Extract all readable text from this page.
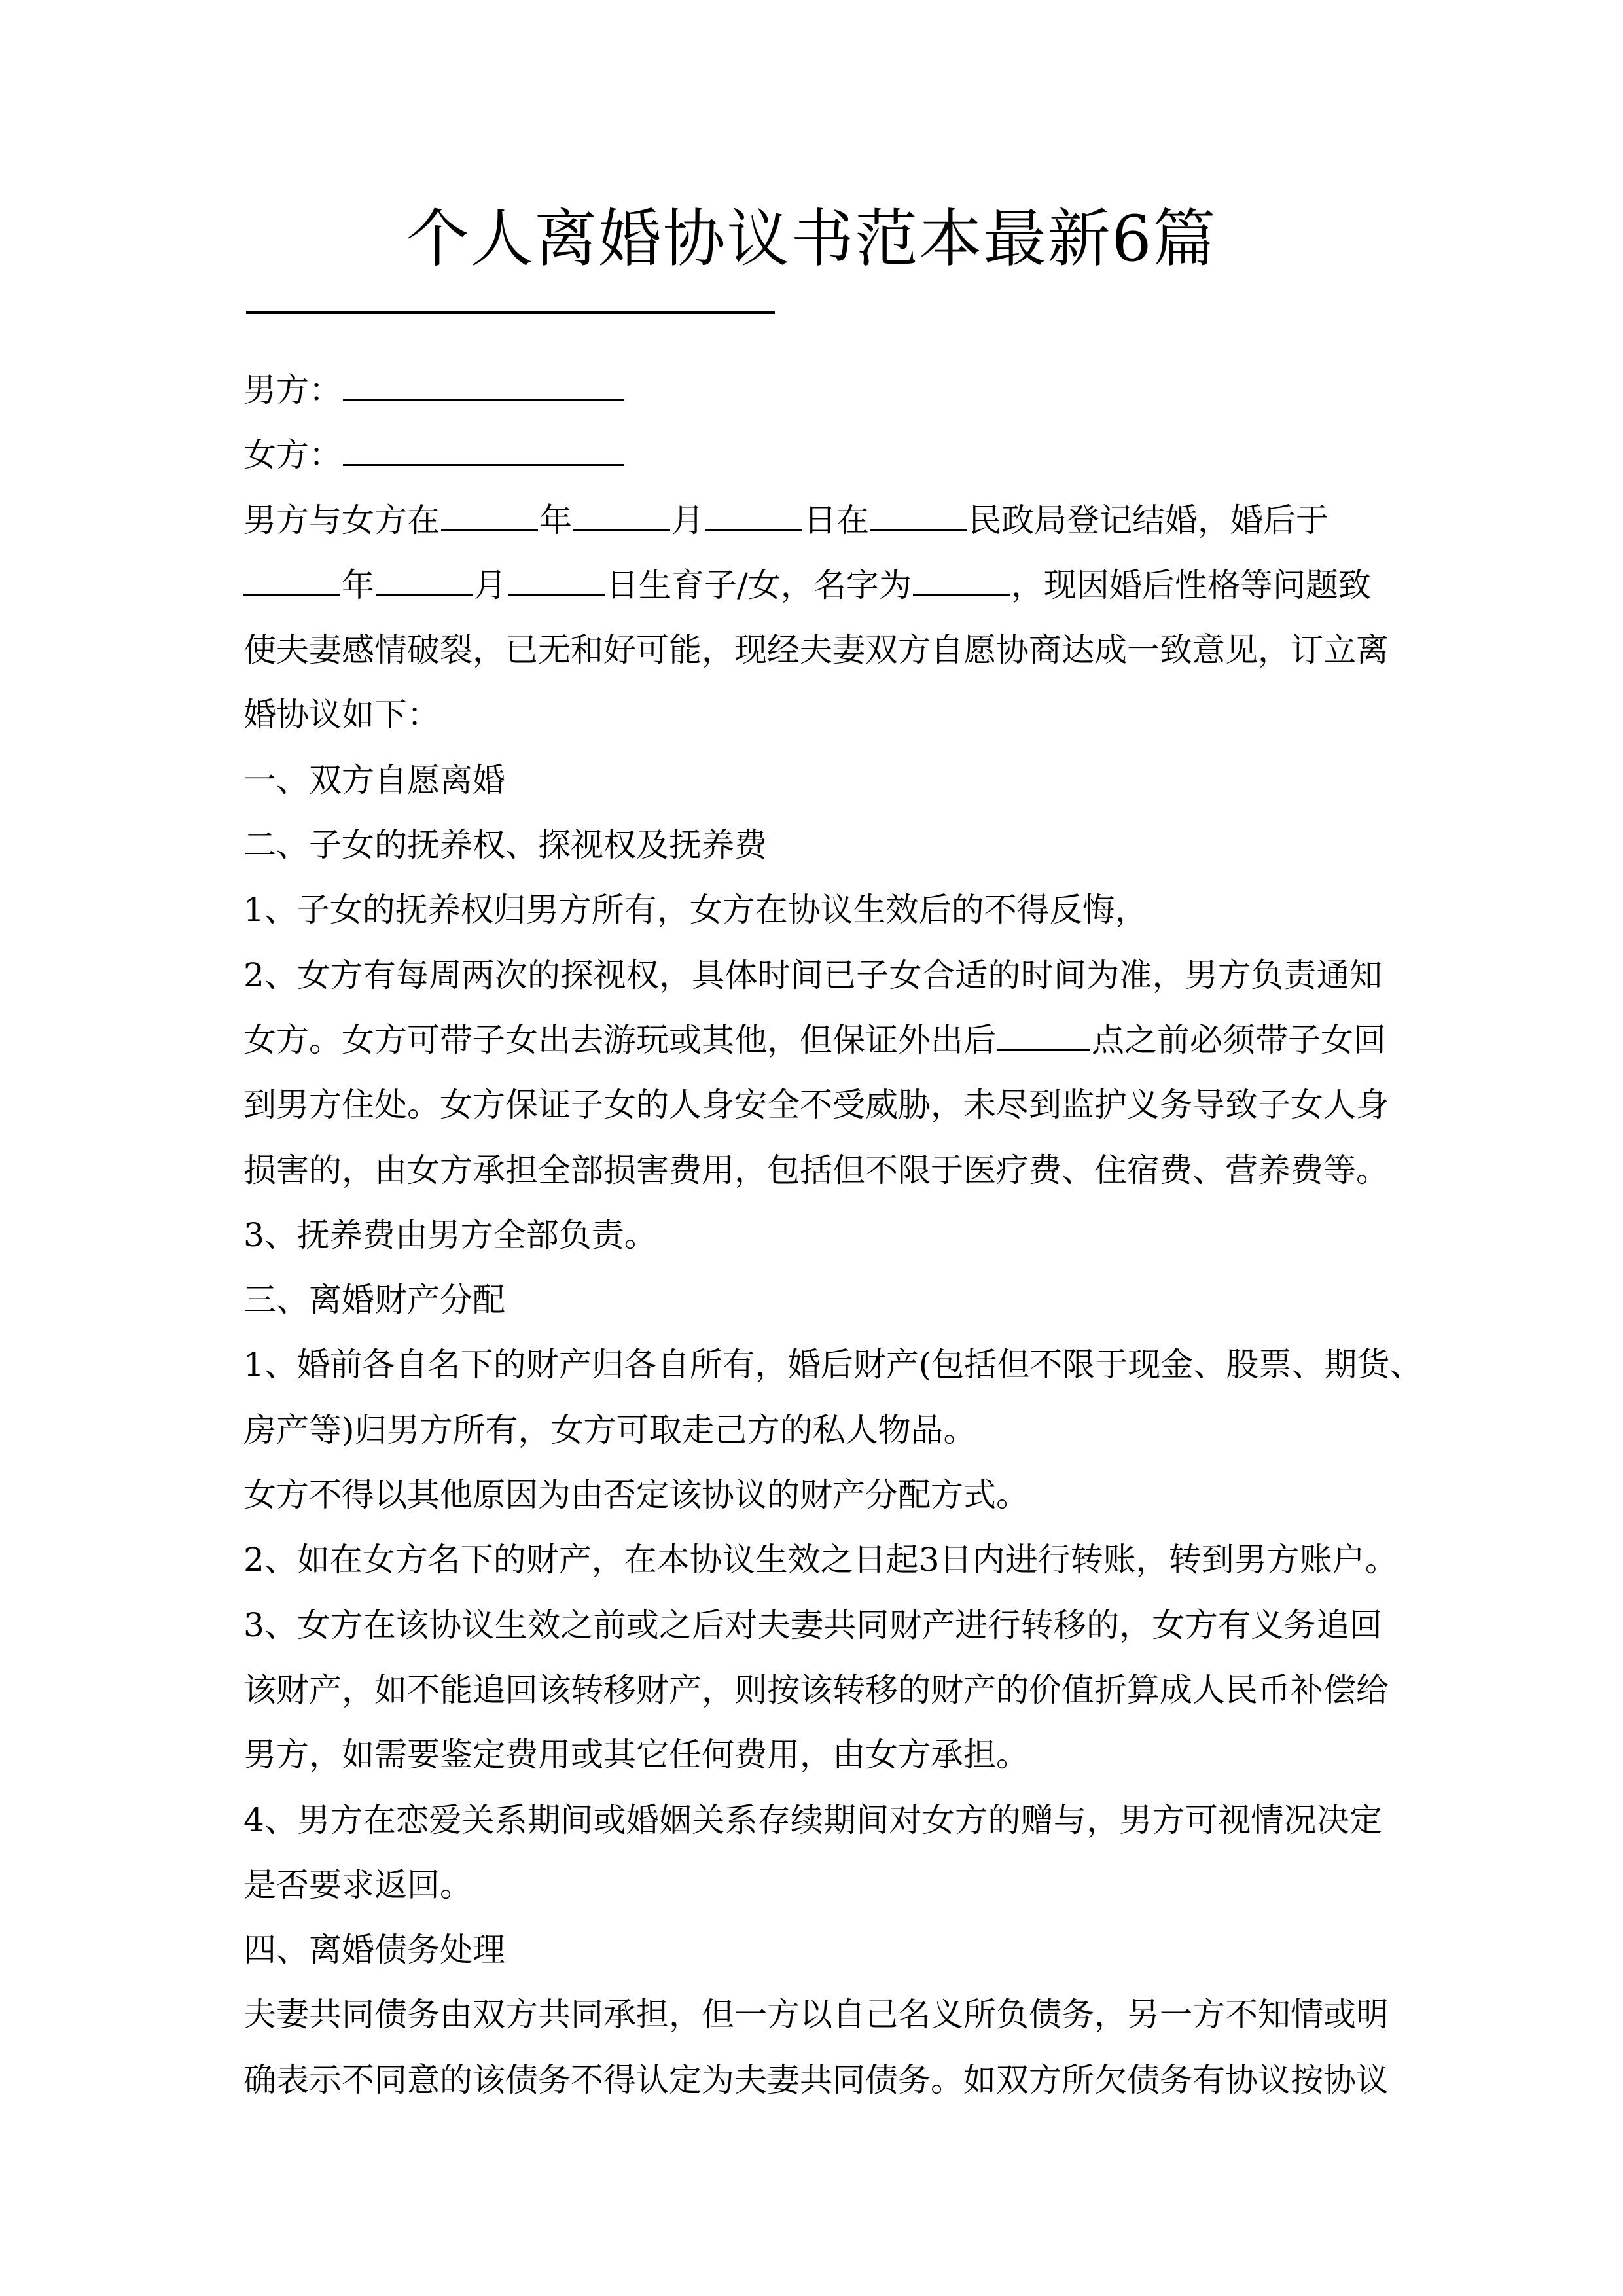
个人离婚协议书范本最新6篇
男方：
女方：
男方与女方在	年	月	日在	民政局登记结婚，婚后于
年	月	日生育子/女，名字为	，现因婚后性格等问题致
使夫妻感情破裂，已无和好可能，现经夫妻双方自愿协商达成一致意见，订立离
婚协议如下：
一、双方自愿离婚
二、子女的抚养权、探视权及抚养费
1、子女的抚养权归男方所有，女方在协议生效后的不得反悔，
2、女方有每周两次的探视权，具体时间已子女合适的时间为准，男方负责通知
女方。女方可带子女出去游玩或其他，但保证外出后	点之前必须带子女回
到男方住处。女方保证子女的人身安全不受威胁，未尽到监护义务导致子女人身
损害的，由女方承担全部损害费用，包括但不限于医疗费、住宿费、营养费等。
3、抚养费由男方全部负责。
三、离婚财产分配
1、婚前各自名下的财产归各自所有，婚后财产(包括但不限于现金、股票、期货、
房产等)归男方所有，女方可取走己方的私人物品。
女方不得以其他原因为由否定该协议的财产分配方式。
2、如在女方名下的财产，在本协议生效之日起3日内进行转账，转到男方账户。
3、女方在该协议生效之前或之后对夫妻共同财产进行转移的，女方有义务追回
该财产，如不能追回该转移财产，则按该转移的财产的价值折算成人民币补偿给
男方，如需要鉴定费用或其它任何费用，由女方承担。
4、男方在恋爱关系期间或婚姻关系存续期间对女方的赠与，男方可视情况决定
是否要求返回。
四、离婚债务处理
夫妻共同债务由双方共同承担，但一方以自己名义所负债务，另一方不知情或明
确表示不同意的该债务不得认定为夫妻共同债务。如双方所欠债务有协议按协议
